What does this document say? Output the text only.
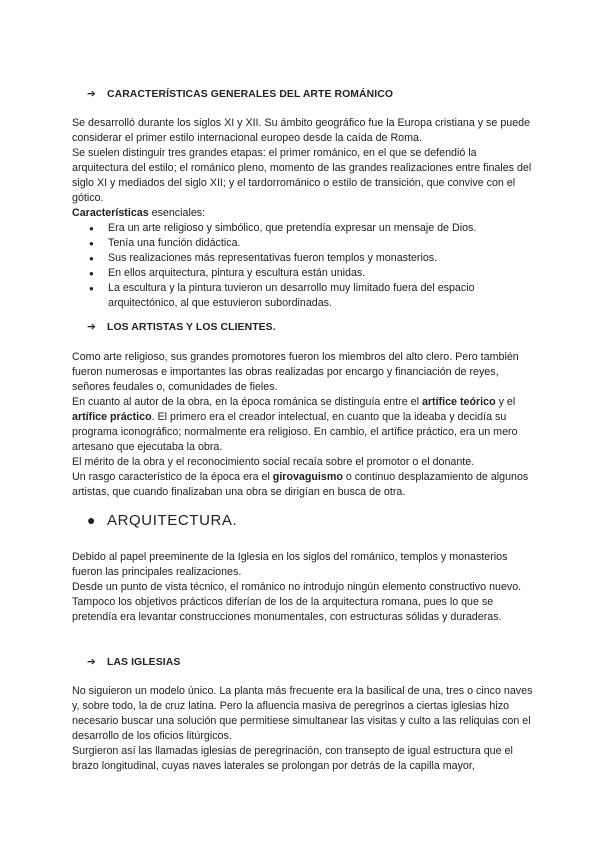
➔ CARACTERÍSTICAS GENERALES DEL ARTE ROMÁNICO

Se desarrolló durante los siglos XI y XII. Su ámbito geográfico fue la Europa cristiana y se puede considerar el primer estilo internacional europeo desde la caída de Roma.

Se suelen distinguir tres grandes etapas: el primer románico, en el que se defendió la arquitectura del estilo; el románico pleno, momento de las grandes realizaciones entre finales del siglo XI y mediados del siglo XII; y el tardorrománico o estilo de transición, que convive con el gótico.

Características esenciales:

● Era un arte religioso y simbólico, que pretendía expresar un mensaje de Dios.
● Tenía una función didáctica.
● Sus realizaciones más representativas fueron templos y monasterios.
● En ellos arquitectura, pintura y escultura están unidas.
● La escultura y la pintura tuvieron un desarrollo muy limitado fuera del espacio arquitectónico, al que estuvieron subordinadas.
➔ LOS ARTISTAS Y LOS CLIENTES.

Como arte religioso, sus grandes promotores fueron los miembros del alto clero. Pero también fueron numerosas e importantes las obras realizadas por encargo y financiación de reyes, señores feudales o, comunidades de fieles.

En cuanto al autor de la obra, en la época románica se distinguía entre el artífice teórico y el artífice práctico. El primero era el creador intelectual, en cuanto que la ideaba y decidía su programa iconográfico; normalmente era religioso. En cambio, el artífice práctico, era un mero artesano que ejecutaba la obra.

El mérito de la obra y el reconocimiento social recaía sobre el promotor o el donante.

Un rasgo característico de la época era el girovaguismo o continuo desplazamiento de algunos artistas, que cuando finalizaban una obra se dirigían en busca de otra.

● ARQUITECTURA.

Debido al papel preeminente de la Iglesia en los siglos del románico, templos y monasterios fueron las principales realizaciones.

Desde un punto de vista técnico, el románico no introdujo ningún elemento constructivo nuevo. Tampoco los objetivos prácticos diferían de los de la arquitectura romana, pues lo que se pretendía era levantar construcciones monumentales, con estructuras sólidas y duraderas.

➔ LAS IGLESIAS

No siguieron un modelo único. La planta más frecuente era la basilical de una, tres o cinco naves y, sobre todo, la de cruz latina. Pero la afluencia masiva de peregrinos a ciertas iglesias hizo necesario buscar una solución que permitiese simultanear las visitas y culto a las reliquias con el desarrollo de los oficios litúrgicos.

Surgieron así las llamadas iglesias de peregrinación, con transepto de igual estructura que el brazo longitudinal, cuyas naves laterales se prolongan por detrás de la capilla mayor,
